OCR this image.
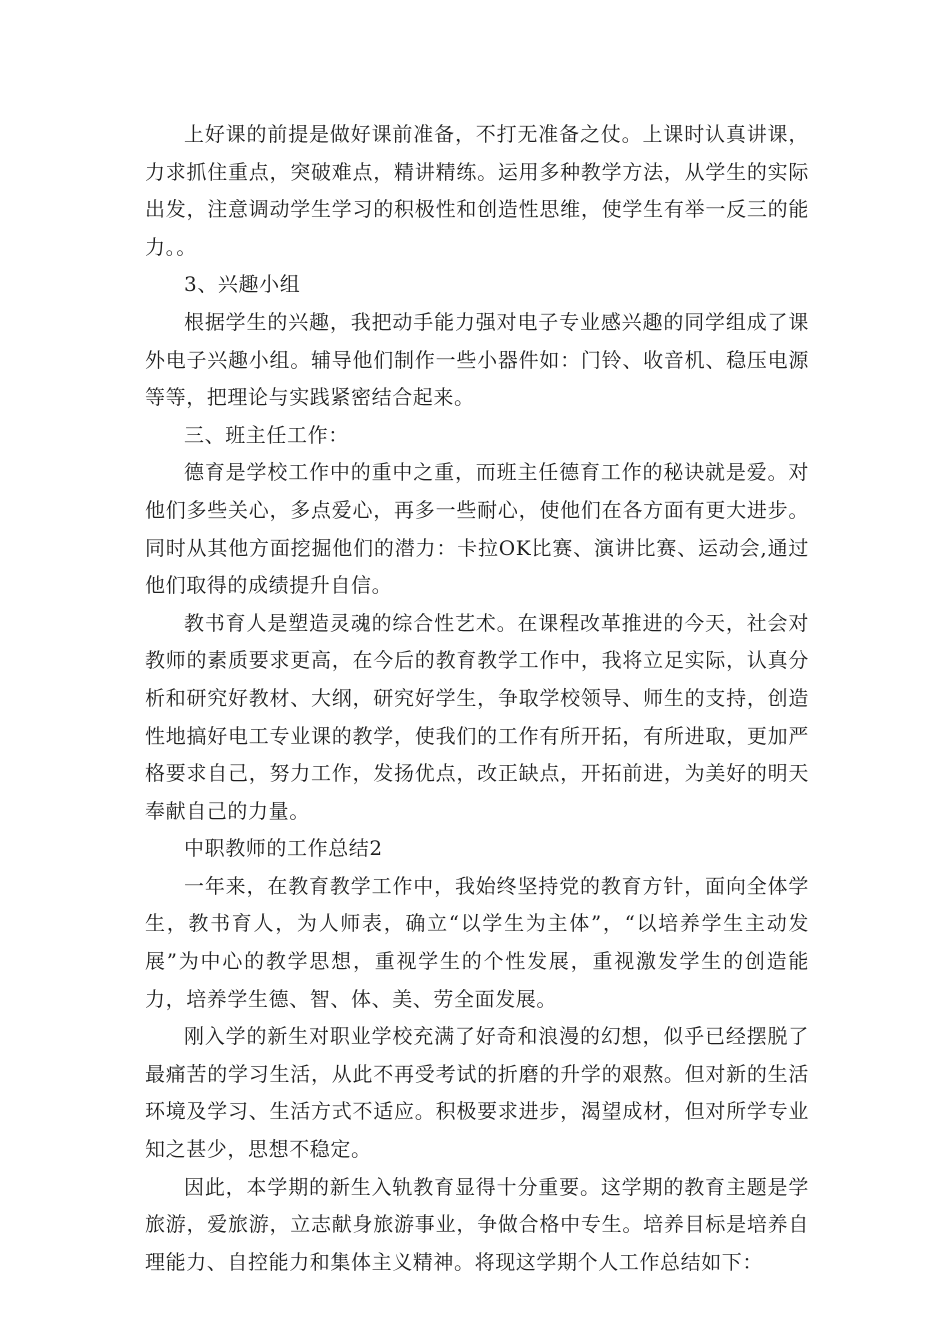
上好课的前提是做好课前准备，不打无准备之仗。上课时认真讲课，力求抓住重点，突破难点，精讲精练。运用多种教学方法，从学生的实际出发，注意调动学生学习的积极性和创造性思维，使学生有举一反三的能力。。

3、兴趣小组

根据学生的兴趣，我把动手能力强对电子专业感兴趣的同学组成了课外电子兴趣小组。辅导他们制作一些小器件如：门铃、收音机、稳压电源等等，把理论与实践紧密结合起来。

三、班主任工作：

德育是学校工作中的重中之重，而班主任德育工作的秘诀就是爱。对他们多些关心，多点爱心，再多一些耐心，使他们在各方面有更大进步。同时从其他方面挖掘他们的潜力：卡拉OK比赛、演讲比赛、运动会,通过他们取得的成绩提升自信。

教书育人是塑造灵魂的综合性艺术。在课程改革推进的今天，社会对教师的素质要求更高，在今后的教育教学工作中，我将立足实际，认真分析和研究好教材、大纲，研究好学生，争取学校领导、师生的支持，创造性地搞好电工专业课的教学，使我们的工作有所开拓，有所进取，更加严格要求自己，努力工作，发扬优点，改正缺点，开拓前进，为美好的明天奉献自己的力量。

中职教师的工作总结2

一年来，在教育教学工作中，我始终坚持党的教育方针，面向全体学生，教书育人，为人师表，确立“以学生为主体”，“以培养学生主动发展”为中心的教学思想，重视学生的个性发展，重视激发学生的创造能力，培养学生德、智、体、美、劳全面发展。

刚入学的新生对职业学校充满了好奇和浪漫的幻想，似乎已经摆脱了最痛苦的学习生活，从此不再受考试的折磨的升学的艰熬。但对新的生活环境及学习、生活方式不适应。积极要求进步，渴望成材，但对所学专业知之甚少，思想不稳定。

因此，本学期的新生入轨教育显得十分重要。这学期的教育主题是学旅游，爱旅游，立志献身旅游事业，争做合格中专生。培养目标是培养自理能力、自控能力和集体主义精神。将现这学期个人工作总结如下：
